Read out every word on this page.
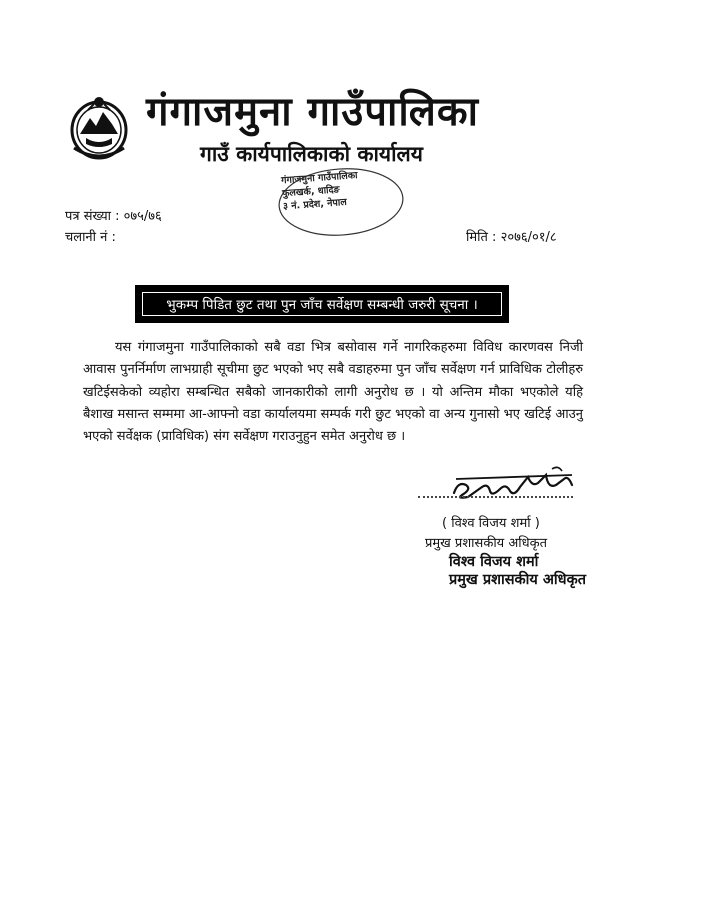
गंगाजमुना गाउँपालिका
गाउँ कार्यपालिकाको कार्यालय
गंगाजमुना गाउँपालिका
फुलखर्क, धादिङ
३ नं. प्रदेश, नेपाल
पत्र संख्या : ०७५/७६
चलानी नं :	मिति : २०७६/०१/८
भुकम्प पिडित छुट तथा पुन जाँच सर्वेक्षण सम्बन्धी जरुरी सूचना ।
यस गंगाजमुना गाउँपालिकाको सबै वडा भित्र बसोवास गर्ने नागरिकहरुमा विविध कारणवस निजी आवास पुनर्निर्माण लाभग्राही सूचीमा छुट भएको भए सबै वडाहरुमा पुन जाँच सर्वेक्षण गर्न प्राविधिक टोलीहरु खटिईसकेको व्यहोरा सम्बन्धित सबैको जानकारीको लागी अनुरोध छ । यो अन्तिम मौका भएकोले यहि बैशाख मसान्त सम्ममा आ-आफ्नो वडा कार्यालयमा सम्पर्क गरी छुट भएको वा अन्य गुनासो भए खटिई आउनु भएको सर्वेक्षक (प्राविधिक) संग सर्वेक्षण गराउनुहुन समेत अनुरोध छ ।
( विश्व विजय शर्मा )
प्रमुख प्रशासकीय अधिकृत
विश्व विजय शर्मा
प्रमुख प्रशासकीय अधिकृत
